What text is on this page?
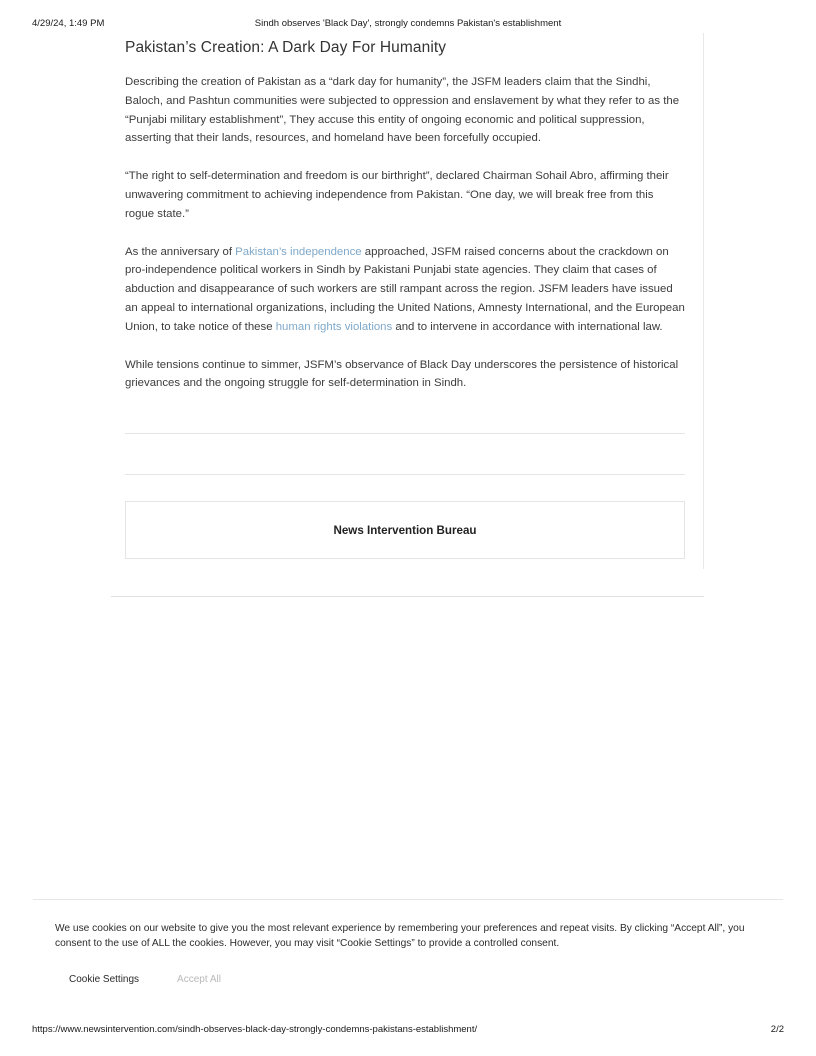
4/29/24, 1:49 PM	Sindh observes 'Black Day', strongly condemns Pakistan's establishment
Pakistan’s Creation: A Dark Day For Humanity

Describing the creation of Pakistan as a “dark day for humanity”, the JSFM leaders claim that the Sindhi, Baloch, and Pashtun communities were subjected to oppression and enslavement by what they refer to as the “Punjabi military establishment”, They accuse this entity of ongoing economic and political suppression, asserting that their lands, resources, and homeland have been forcefully occupied.

“The right to self-determination and freedom is our birthright”, declared Chairman Sohail Abro, affirming their unwavering commitment to achieving independence from Pakistan. “One day, we will break free from this rogue state.”

As the anniversary of Pakistan’s independence approached, JSFM raised concerns about the crackdown on pro-independence political workers in Sindh by Pakistani Punjabi state agencies. They claim that cases of abduction and disappearance of such workers are still rampant across the region. JSFM leaders have issued an appeal to international organizations, including the United Nations, Amnesty International, and the European Union, to take notice of these human rights violations and to intervene in accordance with international law.

While tensions continue to simmer, JSFM’s observance of Black Day underscores the persistence of historical grievances and the ongoing struggle for self-determination in Sindh.

News Intervention Bureau

We use cookies on our website to give you the most relevant experience by remembering your preferences and repeat visits. By clicking “Accept All”, you consent to the use of ALL the cookies. However, you may visit “Cookie Settings” to provide a controlled consent.

Cookie Settings	Accept All
https://www.newsintervention.com/sindh-observes-black-day-strongly-condemns-pakistans-establishment/	2/2
